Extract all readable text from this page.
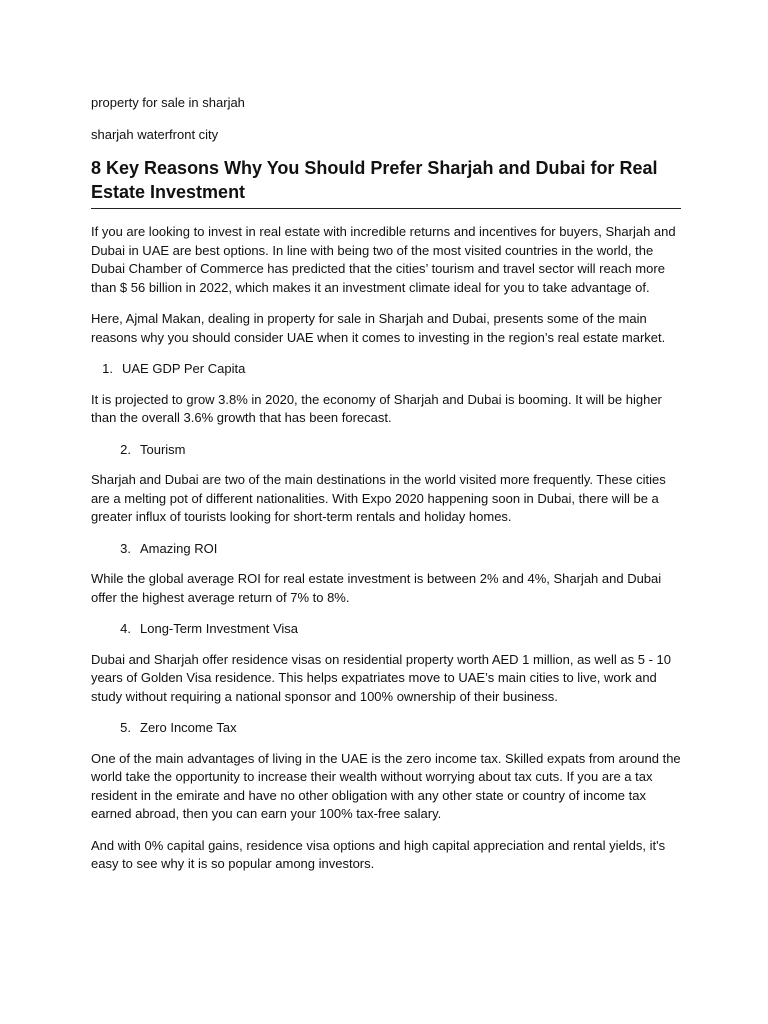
property for sale in sharjah

sharjah waterfront city

8 Key Reasons Why You Should Prefer Sharjah and Dubai for Real Estate Investment

If you are looking to invest in real estate with incredible returns and incentives for buyers, Sharjah and Dubai in UAE are best options. In line with being two of the most visited countries in the world, the Dubai Chamber of Commerce has predicted that the cities’ tourism and travel sector will reach more than $ 56 billion in 2022, which makes it an investment climate ideal for you to take advantage of.

Here, Ajmal Makan, dealing in property for sale in Sharjah and Dubai, presents some of the main reasons why you should consider UAE when it comes to investing in the region’s real estate market.

1. UAE GDP Per Capita

It is projected to grow 3.8% in 2020, the economy of Sharjah and Dubai is booming. It will be higher than the overall 3.6% growth that has been forecast.

2. Tourism

Sharjah and Dubai are two of the main destinations in the world visited more frequently. These cities are a melting pot of different nationalities. With Expo 2020 happening soon in Dubai, there will be a greater influx of tourists looking for short-term rentals and holiday homes.

3. Amazing ROI

While the global average ROI for real estate investment is between 2% and 4%, Sharjah and Dubai offer the highest average return of 7% to 8%.

4. Long-Term Investment Visa

Dubai and Sharjah offer residence visas on residential property worth AED 1 million, as well as 5 - 10 years of Golden Visa residence. This helps expatriates move to UAE’s main cities to live, work and study without requiring a national sponsor and 100% ownership of their business.

5. Zero Income Tax

One of the main advantages of living in the UAE is the zero income tax. Skilled expats from around the world take the opportunity to increase their wealth without worrying about tax cuts. If you are a tax resident in the emirate and have no other obligation with any other state or country of income tax earned abroad, then you can earn your 100% tax-free salary.

And with 0% capital gains, residence visa options and high capital appreciation and rental yields, it's easy to see why it is so popular among investors.
